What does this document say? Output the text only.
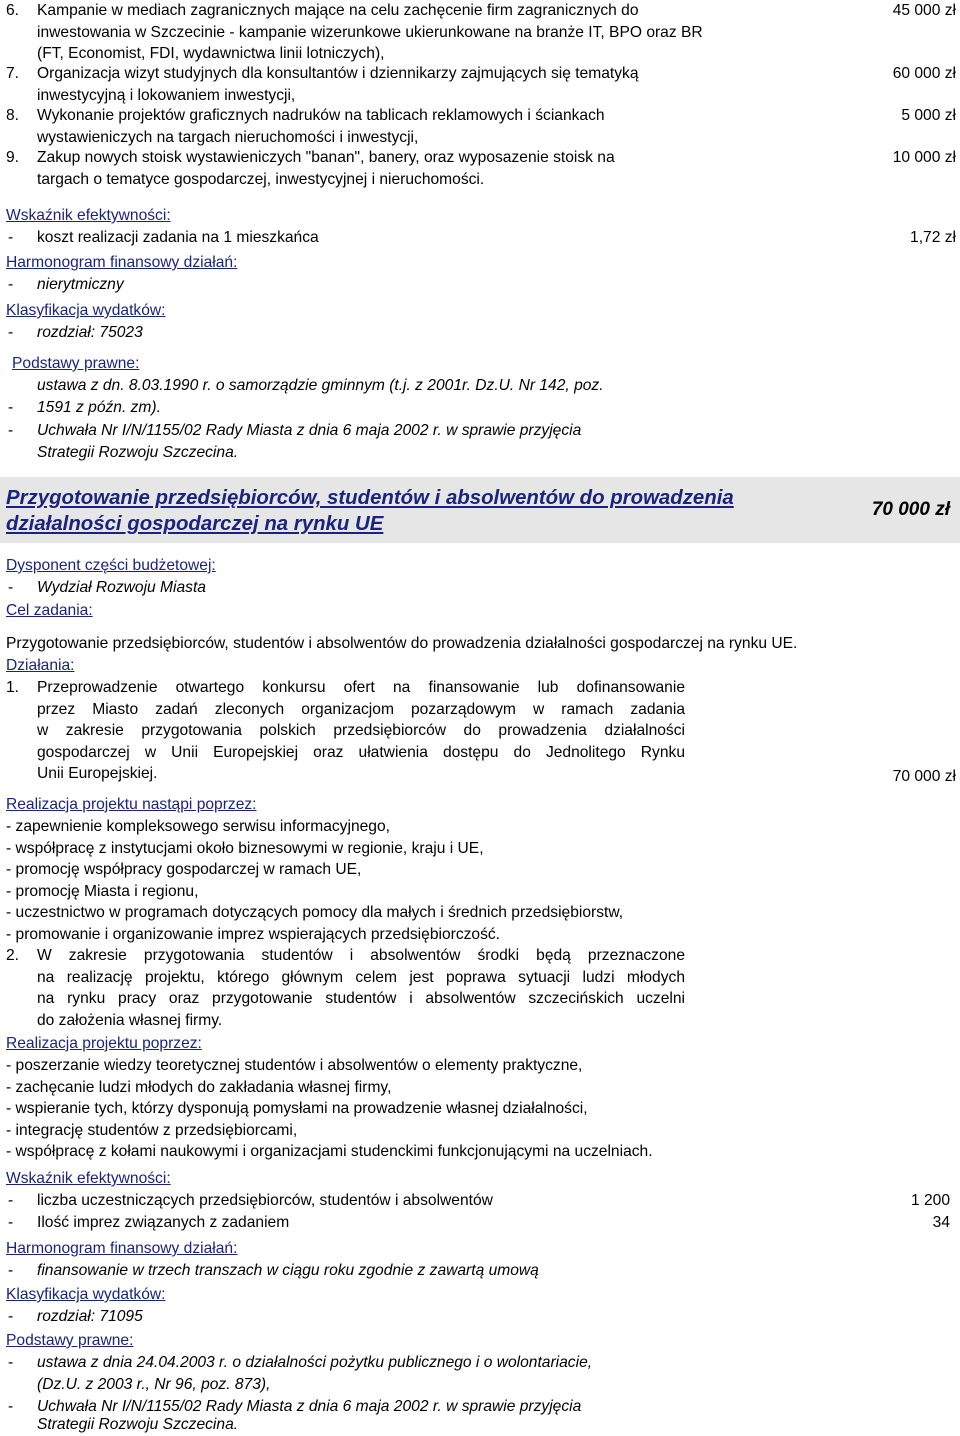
6.	Kampanie w mediach zagranicznych mające na celu zachęcenie firm zagranicznych do
inwestowania w Szczecinie - kampanie wizerunkowe ukierunkowane na branże IT, BPO oraz BR
(FT, Economist, FDI, wydawnictwa linii lotniczych),
45 000 zł
7.	Organizacja wizyt studyjnych dla konsultantów i dziennikarzy zajmujących się tematyką
inwestycyjną i lokowaniem inwestycji,
60 000 zł
8.	Wykonanie projektów graficznych nadruków na tablicach reklamowych i ściankach
wystawieniczych na targach nieruchomości i inwestycji,
5 000 zł
9.	Zakup nowych stoisk wystawieniczych "banan", banery, oraz wyposazenie stoisk na
targach o tematyce gospodarczej, inwestycyjnej i nieruchomości.
10 000 zł
Wskaźnik efektywności:
- koszt realizacji zadania na 1 mieszkańca	1,72 zł
Harmonogram finansowy działań:
- nierytmiczny
Klasyfikacja wydatków:
- rozdział: 75023
Podstawy prawne:
ustawa z dn. 8.03.1990 r. o samorządzie gminnym (t.j. z 2001r. Dz.U. Nr 142, poz.
- 1591 z późn. zm).
- Uchwała Nr I/N/1155/02 Rady Miasta z dnia 6 maja 2002 r. w sprawie przyjęcia
Strategii Rozwoju Szczecina.
Przygotowanie przedsiębiorców, studentów i absolwentów do prowadzenia
działalności gospodarczej na rynku UE
70 000 zł
Dysponent części budżetowej:
- Wydział Rozwoju Miasta
Cel zadania:
Przygotowanie przedsiębiorców, studentów i absolwentów do prowadzenia działalności gospodarczej na rynku UE.
Działania:
1. Przeprowadzenie otwartego konkursu ofert na finansowanie lub dofinansowanie
przez Miasto zadań zleconych organizacjom pozarządowym w ramach zadania
w zakresie przygotowania polskich przedsiębiorców do prowadzenia działalności
gospodarczej w Unii Europejskiej oraz ułatwienia dostępu do Jednolitego Rynku
Unii Europejskiej.	70 000 zł
Realizacja projektu nastąpi poprzez:
- zapewnienie kompleksowego serwisu informacyjnego,
- współpracę z instytucjami około biznesowymi w regionie, kraju i UE,
- promocję współpracy gospodarczej w ramach UE,
- promocję Miasta i regionu,
- uczestnictwo w programach dotyczących pomocy dla małych i średnich przedsiębiorstw,
- promowanie i organizowanie imprez wspierających przedsiębiorczość.
2. W zakresie przygotowania studentów i absolwentów środki będą przeznaczone
na realizację projektu, którego głównym celem jest poprawa sytuacji ludzi młodych
na rynku pracy oraz przygotowanie studentów i absolwentów szczecińskich uczelni
do założenia własnej firmy.
Realizacja projektu poprzez:
- poszerzanie wiedzy teoretycznej studentów i absolwentów o elementy praktyczne,
- zachęcanie ludzi młodych do zakładania własnej firmy,
- wspieranie tych, którzy dysponują pomysłami na prowadzenie własnej działalności,
- integrację studentów z przedsiębiorcami,
- współpracę z kołami naukowymi i organizacjami studenckimi funkcjonującymi na uczelniach.
Wskaźnik efektywności:
- liczba uczestniczących przedsiębiorców, studentów i absolwentów	1 200
- Ilość imprez związanych z zadaniem	34
Harmonogram finansowy działań:
- finansowanie w trzech transzach w ciągu roku zgodnie z zawartą umową
Klasyfikacja wydatków:
- rozdział: 71095
Podstawy prawne:
- ustawa z dnia 24.04.2003 r. o działalności pożytku publicznego i o wolontariacie,
(Dz.U. z 2003 r., Nr 96, poz. 873),
- Uchwała Nr I/N/1155/02 Rady Miasta z dnia 6 maja 2002 r. w sprawie przyjęcia
Strategii Rozwoju Szczecina.
